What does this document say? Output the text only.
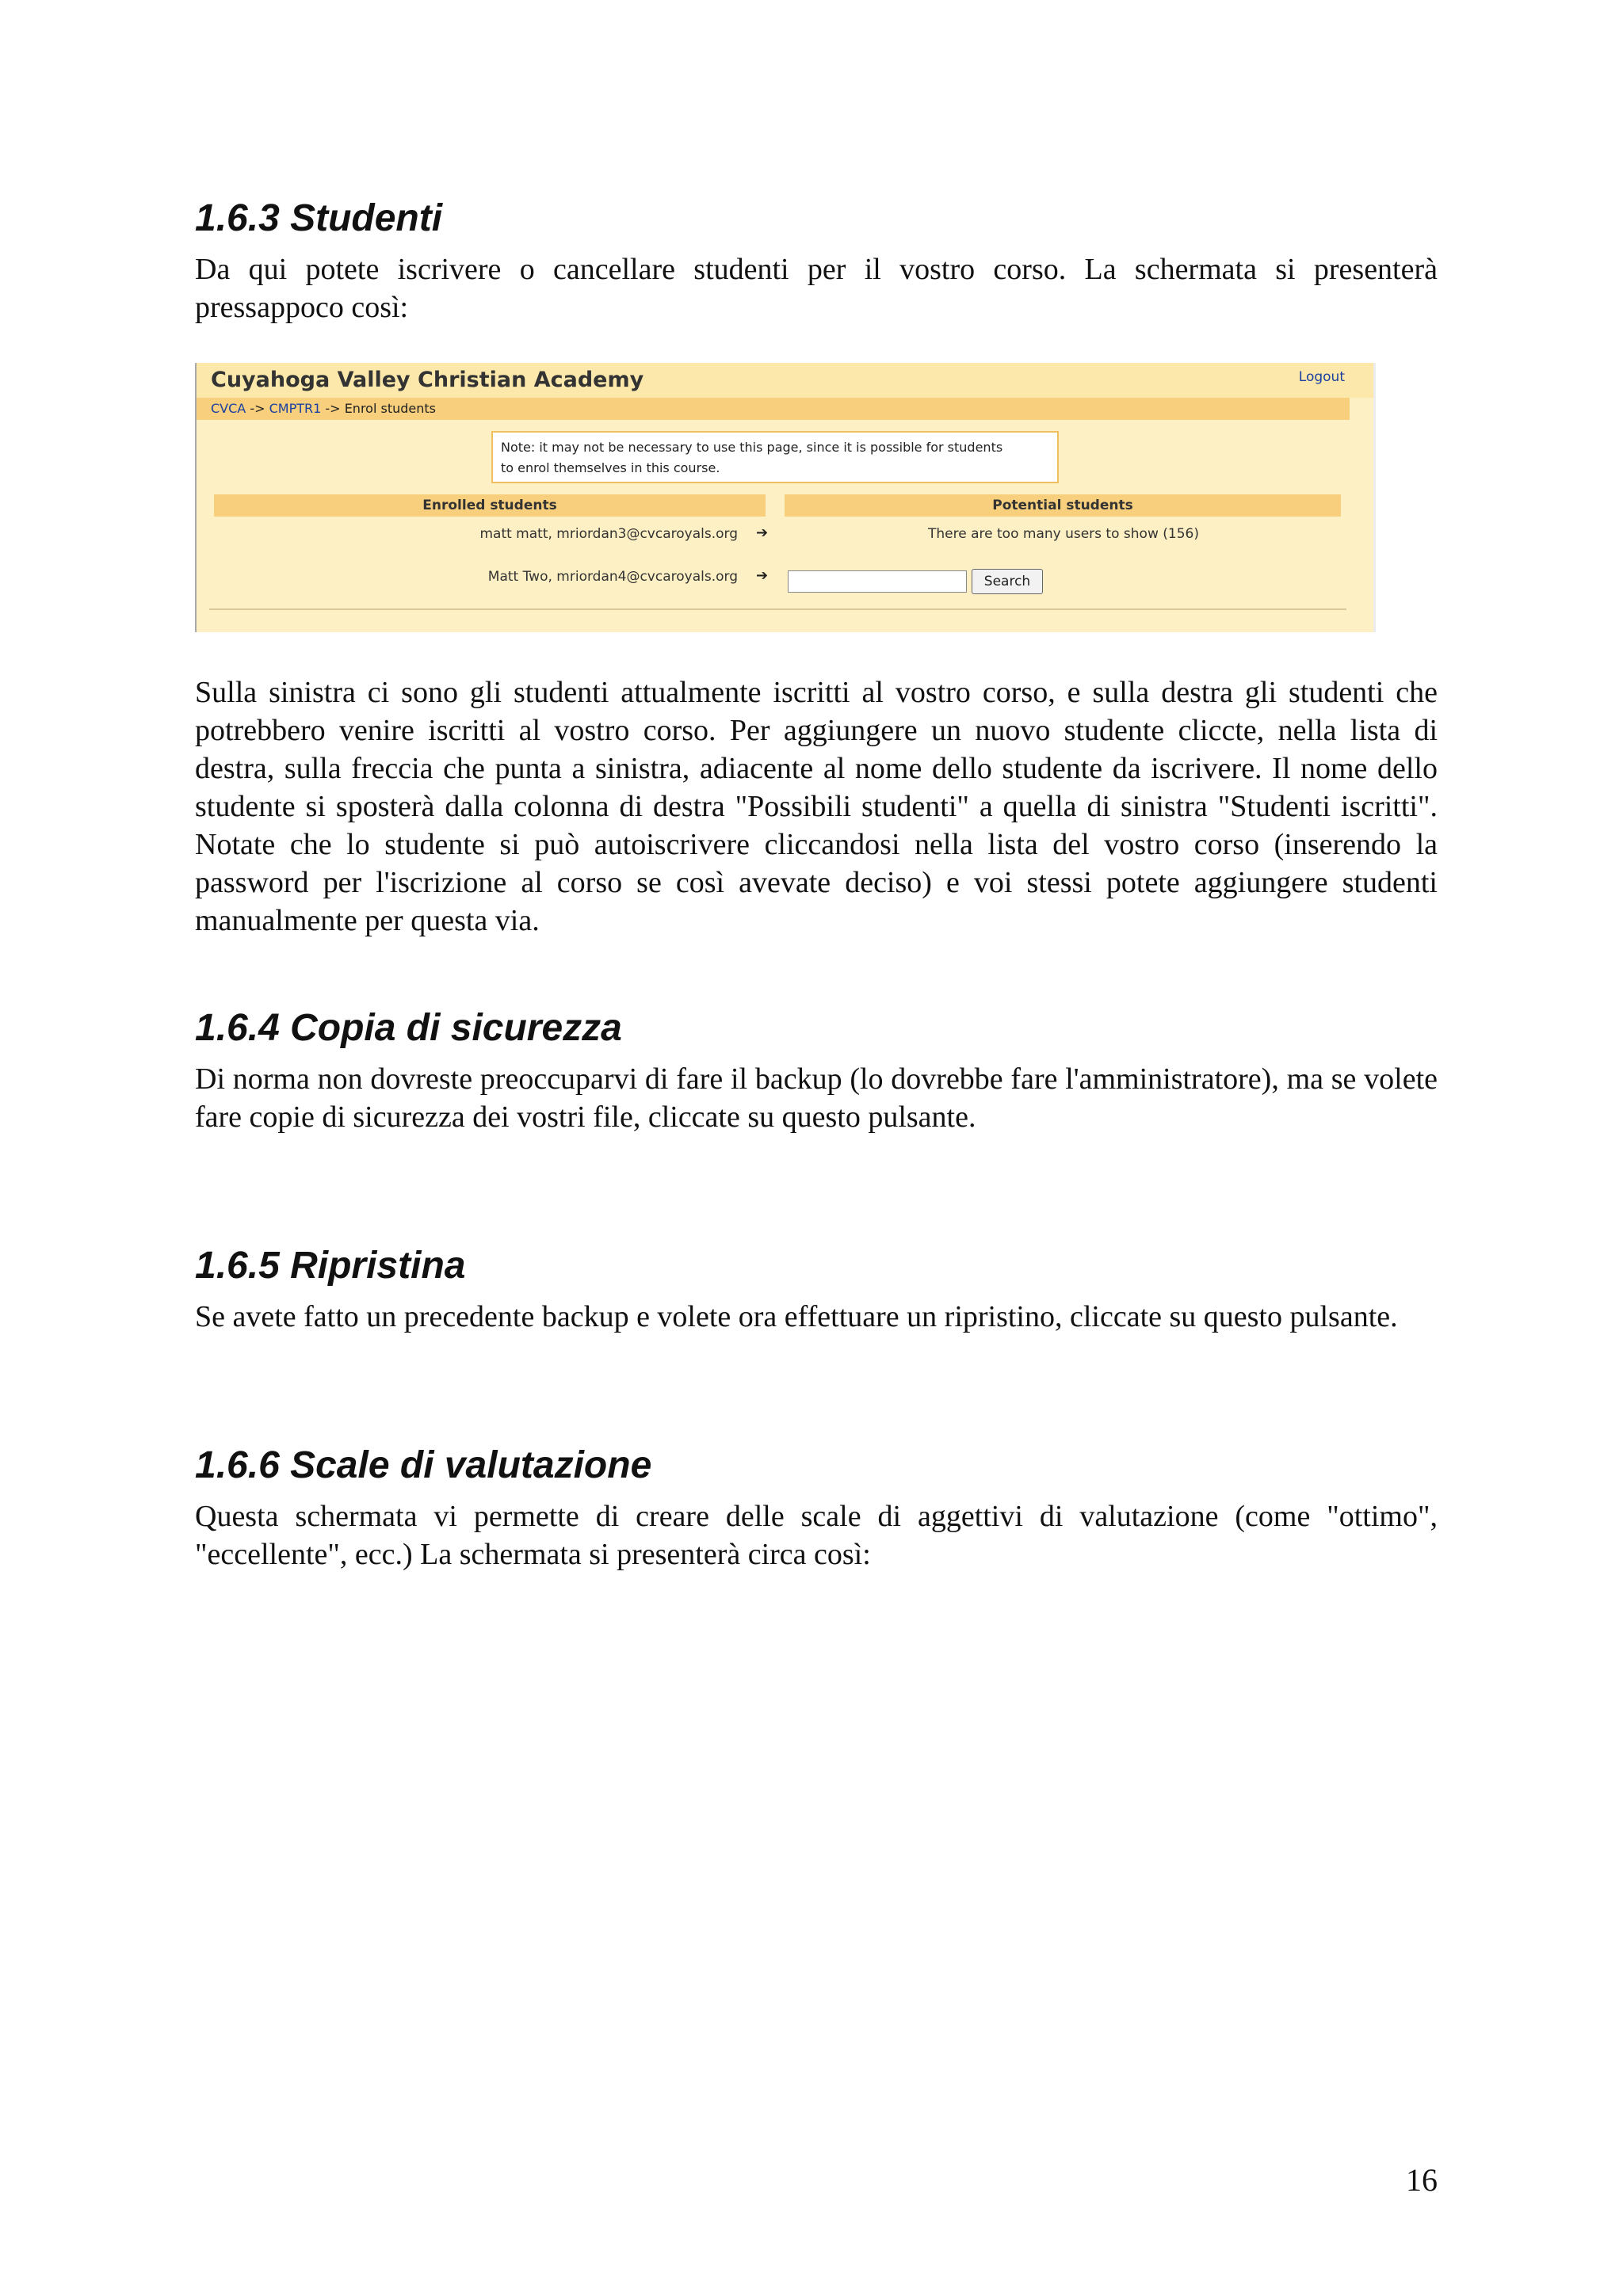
1.6.3 Studenti

Da qui potete iscrivere o cancellare studenti per il vostro corso. La schermata si presenterà pressappoco così:

Cuyahoga Valley Christian Academy	Logout
CVCA -> CMPTR1 -> Enrol students
Note: it may not be necessary to use this page, since it is possible for students
to enrol themselves in this course.
Enrolled students	Potential students
matt matt, mriordan3@cvcaroyals.org ➔
Matt Two, mriordan4@cvcaroyals.org ➔
There are too many users to show (156)
Search

Sulla sinistra ci sono gli studenti attualmente iscritti al vostro corso, e sulla destra gli studenti che potrebbero venire iscritti al vostro corso. Per aggiungere un nuovo studente cliccte, nella lista di destra, sulla freccia che punta a sinistra, adiacente al nome dello studente da iscrivere. Il nome dello studente si sposterà dalla colonna di destra "Possibili studenti" a quella di sinistra "Studenti iscritti". Notate che lo studente si può autoiscrivere cliccandosi nella lista del vostro corso (inserendo la password per l'iscrizione al corso se così avevate deciso) e voi stessi potete aggiungere studenti manualmente per questa via.

1.6.4 Copia di sicurezza

Di norma non dovreste preoccuparvi di fare il backup (lo dovrebbe fare l'amministratore), ma se volete fare copie di sicurezza dei vostri file, cliccate su questo pulsante.

1.6.5 Ripristina

Se avete fatto un precedente backup e volete ora effettuare un ripristino, cliccate su questo pulsante.

1.6.6 Scale di valutazione

Questa schermata vi permette di creare delle scale di aggettivi di valutazione (come "ottimo", "eccellente", ecc.) La schermata si presenterà circa così:

16
